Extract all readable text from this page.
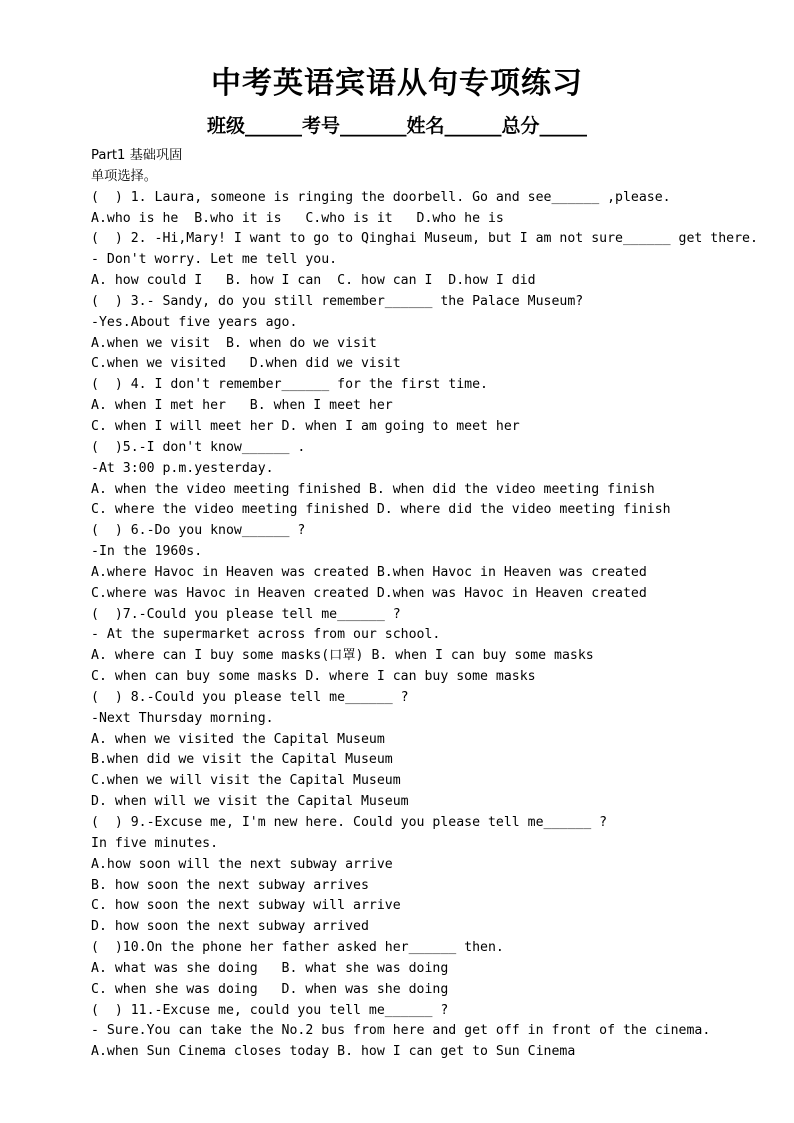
中考英语宾语从句专项练习
班级______考号_______姓名______总分_____
Part1 基础巩固
单项选择。
(  ) 1. Laura, someone is ringing the doorbell. Go and see______ ,please.
A.who is he  B.who it is   C.who is it   D.who he is
(  ) 2. -Hi,Mary! I want to go to Qinghai Museum, but I am not sure______ get there.
- Don't worry. Let me tell you.
A. how could I   B. how I can  C. how can I  D.how I did
(  ) 3.- Sandy, do you still remember______ the Palace Museum?
-Yes.About five years ago.
A.when we visit  B. when do we visit
C.when we visited   D.when did we visit
(  ) 4. I don't remember______ for the first time.
A. when I met her   B. when I meet her
C. when I will meet her D. when I am going to meet her
(  )5.-I don't know______ .
-At 3:00 p.m.yesterday.
A. when the video meeting finished B. when did the video meeting finish
C. where the video meeting finished D. where did the video meeting finish
(  ) 6.-Do you know______ ?
-In the 1960s.
A.where Havoc in Heaven was created B.when Havoc in Heaven was created
C.where was Havoc in Heaven created D.when was Havoc in Heaven created
(  )7.-Could you please tell me______ ?
- At the supermarket across from our school.
A. where can I buy some masks(口罩) B. when I can buy some masks
C. when can buy some masks D. where I can buy some masks
(  ) 8.-Could you please tell me______ ?
-Next Thursday morning.
A. when we visited the Capital Museum
B.when did we visit the Capital Museum
C.when we will visit the Capital Museum
D. when will we visit the Capital Museum
(  ) 9.-Excuse me, I'm new here. Could you please tell me______ ?
In five minutes.
A.how soon will the next subway arrive
B. how soon the next subway arrives
C. how soon the next subway will arrive
D. how soon the next subway arrived
(  )10.On the phone her father asked her______ then.
A. what was she doing   B. what she was doing
C. when she was doing   D. when was she doing
(  ) 11.-Excuse me, could you tell me______ ?
- Sure.You can take the No.2 bus from here and get off in front of the cinema.
A.when Sun Cinema closes today B. how I can get to Sun Cinema
